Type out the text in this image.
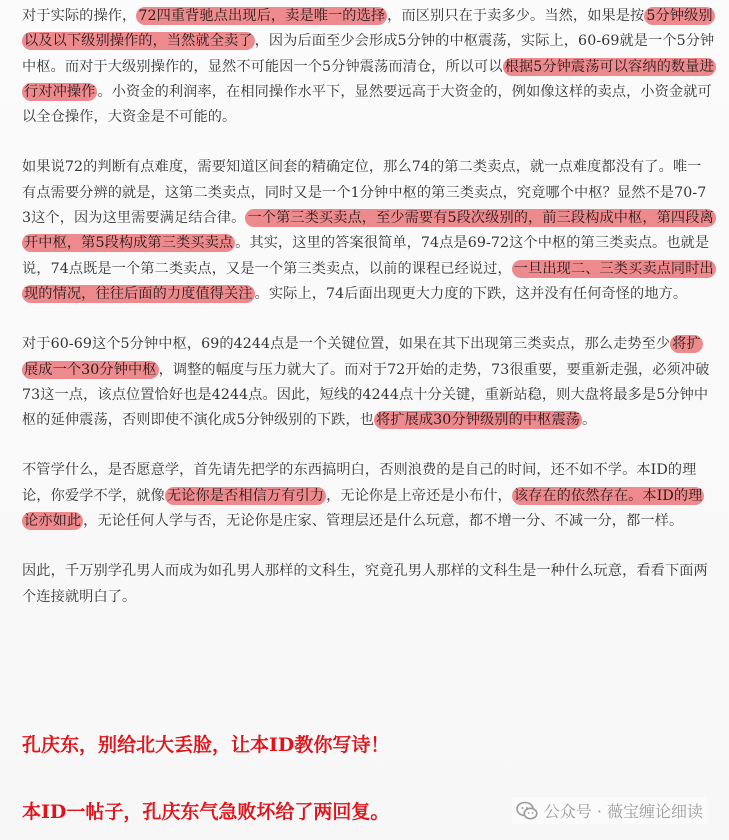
对于实际的操作， 72四重背驰点出现后，卖是唯一的选择 ，而区别只在于卖多少。当然，如果是按 5分钟级别以及以下级别操作的，当然就全卖了 ，因为后面至少会形成5分钟的中枢震荡，实际上，60-69就是一个5分钟中枢。而对于大级别操作的，显然不可能因一个5分钟震荡而清仓，所以可以 根据5分钟震荡可以容纳的数量进行对冲操作 。小资金的利润率，在相同操作水平下，显然要远高于大资金的，例如像这样的卖点，小资金就可以全仓操作，大资金是不可能的。

如果说72的判断有点难度，需要知道区间套的精确定位，那么74的第二类卖点，就一点难度都没有了。唯一有点需要分辨的就是，这第二类卖点，同时又是一个1分钟中枢的第三类卖点，究竟哪个中枢？显然不是70-73这个，因为这里需要满足结合律。 一个第三类买卖点，至少需要有5段次级别的，前三段构成中枢，第四段离开中枢，第5段构成第三类买卖点 。其实，这里的答案很简单，74点是69-72这个中枢的第三类卖点。也就是说，74点既是一个第二类卖点，又是一个第三类卖点，以前的课程已经说过， 一旦出现二、三类买卖点同时出现的情况，往往后面的力度值得关注 。实际上，74后面出现更大力度的下跌，这并没有任何奇怪的地方。

对于60-69这个5分钟中枢，69的4244点是一个关键位置，如果在其下出现第三类卖点，那么走势至少 将扩展成一个30分钟中枢 ，调整的幅度与压力就大了。而对于72开始的走势，73很重要，要重新走强，必须冲破73这一点，该点位置恰好也是4244点。因此，短线的4244点十分关键，重新站稳，则大盘将最多是5分钟中枢的延伸震荡，否则即使不演化成5分钟级别的下跌，也 将扩展成30分钟级别的中枢震荡 。

不管学什么，是否愿意学，首先请先把学的东西搞明白，否则浪费的是自己的时间，还不如不学。本ID的理论，你爱学不学，就像 无论你是否相信万有引力 ，无论你是上帝还是小布什， 该存在的依然存在。本ID的理论亦如此 ，无论任何人学与否，无论你是庄家、管理层还是什么玩意，都不增一分、不减一分，都一样。

因此，千万别学孔男人而成为如孔男人那样的文科生，究竟孔男人那样的文科生是一种什么玩意，看看下面两个连接就明白了。

孔庆东，别给北大丢脸，让本ID教你写诗！

本ID一帖子，孔庆东气急败坏给了两回复。	公众号 · 薇宝缠论细读
